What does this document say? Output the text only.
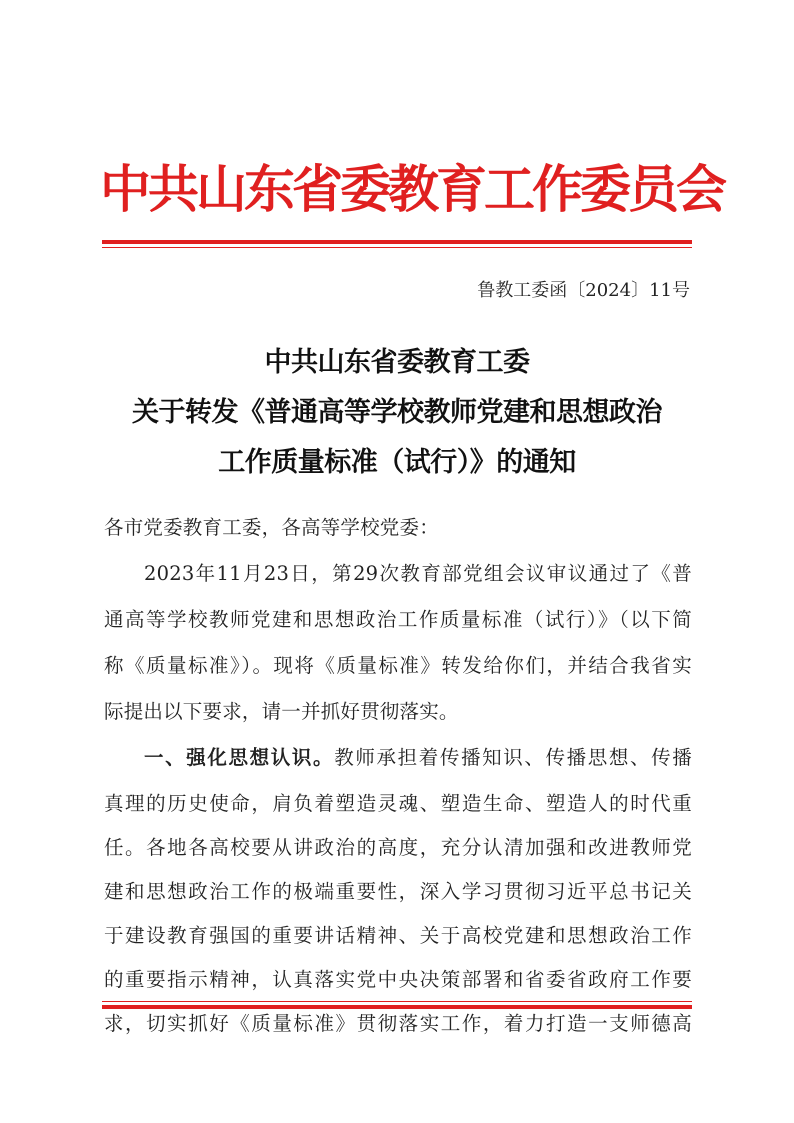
中共山东省委教育工作委员会
鲁教工委函〔2024〕11号
中共山东省委教育工委
关于转发《普通高等学校教师党建和思想政治
工作质量标准（试行）》的通知
各市党委教育工委，各高等学校党委：
2023年11月23日，第29次教育部党组会议审议通过了《普
通高等学校教师党建和思想政治工作质量标准（试行）》（以下简
称《质量标准》）。现将《质量标准》转发给你们，并结合我省实
际提出以下要求，请一并抓好贯彻落实。
一、强化思想认识。教师承担着传播知识、传播思想、传播
真理的历史使命，肩负着塑造灵魂、塑造生命、塑造人的时代重
任。各地各高校要从讲政治的高度，充分认清加强和改进教师党
建和思想政治工作的极端重要性，深入学习贯彻习近平总书记关
于建设教育强国的重要讲话精神、关于高校党建和思想政治工作
的重要指示精神，认真落实党中央决策部署和省委省政府工作要
求，切实抓好《质量标准》贯彻落实工作，着力打造一支师德高
